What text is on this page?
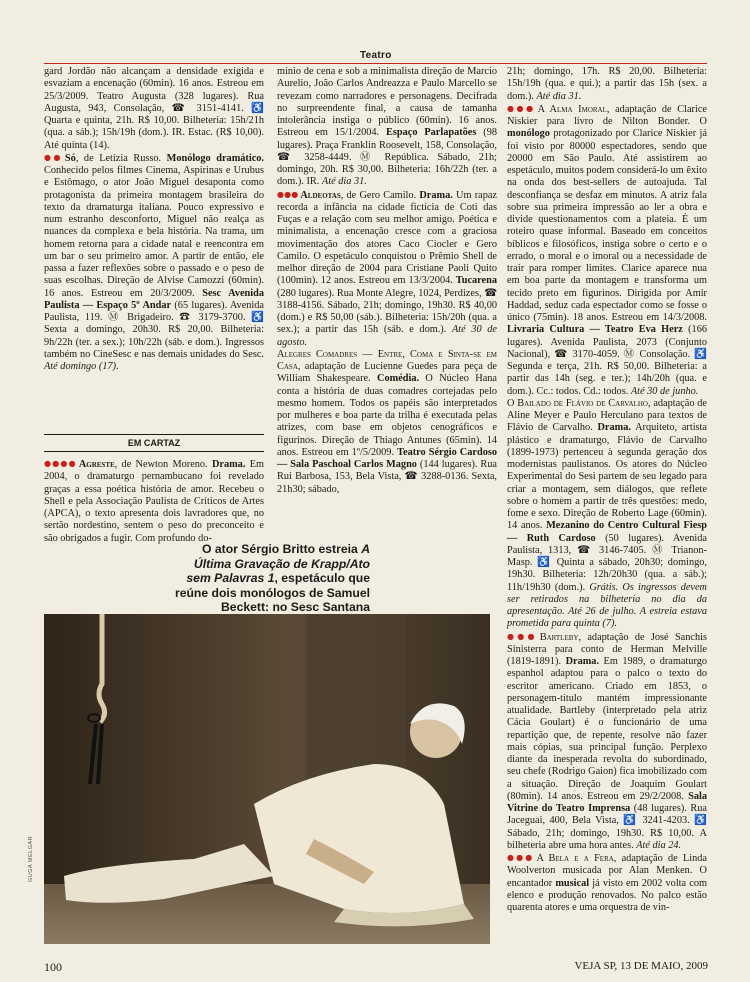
Teatro

gard Jordão não alcançam a densidade exigida e esvaziam a encenação (60min). 16 anos. Estreou em 25/3/2009. Teatro Augusta (328 lugares). Rua Augusta, 943, Consolação, ☎ 3151-4141. ♿ Quarta e quinta, 21h. R$ 10,00. Bilheteria: 15h/21h (qua. a sáb.); 15h/19h (dom.). IR. Estac. (R$ 10,00). Até quinta (14).

●● Só, de Letizia Russo. Monólogo dramático. Conhecido pelos filmes Cinema, Aspirinas e Urubus e Estômago, o ator João Miguel desaponta como protagonista da primeira montagem brasileira do texto da dramaturga italiana. Pouco expressivo e num estranho desconforto, Miguel não realça as nuances da complexa e bela história. Na trama, um homem retorna para a cidade natal e reencontra em um bar o seu primeiro amor. A partir de então, ele passa a fazer reflexões sobre o passado e o peso de suas escolhas. Direção de Alvise Camozzi (60min). 16 anos. Estreou em 20/3/2009. Sesc Avenida Paulista — Espaço 5º Andar (65 lugares). Avenida Paulista, 119. Ⓜ Brigadeiro. ☎ 3179-3700. ♿ Sexta a domingo, 20h30. R$ 20,00. Bilheteria: 9h/22h (ter. a sex.); 10h/22h (sáb. e dom.). Ingressos também no CineSesc e nas demais unidades do Sesc. Até domingo (17).

EM CARTAZ

●●●● Agreste, de Newton Moreno. Drama. Em 2004, o dramaturgo pernambucano foi revelado graças a essa poética história de amor. Recebeu o Shell e pela Associação Paulista de Críticos de Artes (APCA), o texto apresenta dois lavradores que, no sertão nordestino, sentem o peso do preconceito e são obrigados a fugir. Com profundo do-

mínio de cena e sob a minimalista direção de Marcio Aurelio, João Carlos Andreazza e Paulo Marcello se revezam como narradores e personagens. Decifrada no surpreendente final, a causa de tamanha intolerância instiga o público (60min). 16 anos. Estreou em 15/1/2004. Espaço Parlapatões (98 lugares). Praça Franklin Roosevelt, 158, Consolação, ☎ 3258-4449. Ⓜ República. Sábado, 21h; domingo, 20h. R$ 30,00. Bilheteria: 16h/22h (ter. a dom.). IR. Até dia 31.

●●● Aldeotas, de Gero Camilo. Drama. Um rapaz recorda a infância na cidade fictícia de Coti das Fuças e a relação com seu melhor amigo. Poética e minimalista, a encenação cresce com a graciosa movimentação dos atores Caco Ciocler e Gero Camilo. O espetáculo conquistou o Prêmio Shell de melhor direção de 2004 para Cristiane Paoli Quito (100min). 12 anos. Estreou em 13/3/2004. Tucarena (280 lugares). Rua Monte Alegre, 1024, Perdizes, ☎ 3188-4156. Sábado, 21h; domingo, 19h30. R$ 40,00 (dom.) e R$ 50,00 (sáb.). Bilheteria: 15h/20h (qua. a sex.); a partir das 15h (sáb. e dom.). Até 30 de agosto.

Alegres Comadres — Entre, Coma e Sinta-se em Casa, adaptação de Lucienne Guedes para peça de William Shakespeare. Comédia. O Núcleo Hana conta a história de duas comadres cortejadas pelo mesmo homem. Todos os papéis são interpretados por mulheres e boa parte da trilha é executada pelas atrizes, com base em objetos cenográficos e figurinos. Direção de Thiago Antunes (65min). 14 anos. Estreou em 1º/5/2009. Teatro Sérgio Cardoso — Sala Paschoal Carlos Magno (144 lugares). Rua Rui Barbosa, 153, Bela Vista, ☎ 3288-0136. Sexta, 21h30; sábado,

21h; domingo, 17h. R$ 20,00. Bilheteria: 15h/19h (qua. e qui.); a partir das 15h (sex. a dom.). Até dia 31.

●●● A Alma Imoral, adaptação de Clarice Niskier para livro de Nilton Bonder. O monólogo protagonizado por Clarice Niskier já foi visto por 80000 espectadores, sendo que 20000 em São Paulo. Até assistirem ao espetáculo, muitos podem considerá-lo um êxito na onda dos best-sellers de autoajuda. Tal desconfiança se desfaz em minutos. A atriz fala sobre sua primeira impressão ao ler a obra e divide questionamentos com a plateia. É um roteiro quase informal. Baseado em conceitos bíblicos e filosóficos, instiga sobre o certo e o errado, o moral e o imoral ou a necessidade de trair para romper limites. Clarice aparece nua em boa parte da montagem e transforma um tecido preto em figurinos. Dirigida por Amir Haddad, seduz cada espectador como se fosse o único (75min). 18 anos. Estreou em 14/3/2008. Livraria Cultura — Teatro Eva Herz (166 lugares). Avenida Paulista, 2073 (Conjunto Nacional), ☎ 3170-4059. Ⓜ Consolação. ♿ Segunda e terça, 21h. R$ 50,00. Bilheteria: a partir das 14h (seg. e ter.); 14h/20h (qua. e dom.). Cc.: todos. Cd.: todos. Até 30 de junho.

O Bailado de Flávio de Carvalho, adaptação de Aline Meyer e Paulo Herculano para textos de Flávio de Carvalho. Drama. Arquiteto, artista plástico e dramaturgo, Flávio de Carvalho (1899-1973) pertenceu à segunda geração dos modernistas paulistanos. Os atores do Núcleo Experimental do Sesi partem de seu legado para criar a montagem, sem diálogos, que reflete sobre o homem a partir de três questões: medo, fome e sexo. Direção de Roberto Lage (60min). 14 anos. Mezanino do Centro Cultural Fiesp — Ruth Cardoso (50 lugares). Avenida Paulista, 1313, ☎ 3146-7405. Ⓜ Trianon-Masp. ♿ Quinta a sábado, 20h30; domingo, 19h30. Bilheteria: 12h/20h30 (qua. a sáb.); 11h/19h30 (dom.). Grátis. Os ingressos devem ser retirados na bilheteria no dia da apresentação. Até 26 de julho. A estreia estava prometida para quinta (7).

●●● Bartleby, adaptação de José Sanchis Sinisterra para conto de Herman Melville (1819-1891). Drama. Em 1989, o dramaturgo espanhol adaptou para o palco o texto do escritor americano. Criado em 1853, o personagem-título mantém impressionante atualidade. Bartleby (interpretado pela atriz Cácia Goulart) é o funcionário de uma repartição que, de repente, resolve não fazer mais cópias, sua principal função. Perplexo diante da inesperada revolta do subordinado, seu chefe (Rodrigo Gaion) fica imobilizado com a situação. Direção de Joaquim Goulart (80min). 14 anos. Estreou em 29/2/2008. Sala Vitrine do Teatro Imprensa (48 lugares). Rua Jaceguai, 400, Bela Vista, ♿ 3241-4203. ♿ Sábado, 21h; domingo, 19h30. R$ 10,00. A bilheteria abre uma hora antes. Até dia 24.

●●● A Bela e a Fera, adaptação de Linda Woolverton musicada por Alan Menken. O encantador musical já visto em 2002 volta com elenco e produção renovados. No palco estão quarenta atores e uma orquestra de vin-

O ator Sérgio Britto estreia A Última Gravação de Krapp/Ato sem Palavras 1, espetáculo que reúne dois monólogos de Samuel Beckett: no Sesc Santana
GUGA MELGAR
100	VEJA SP, 13 DE MAIO, 2009
